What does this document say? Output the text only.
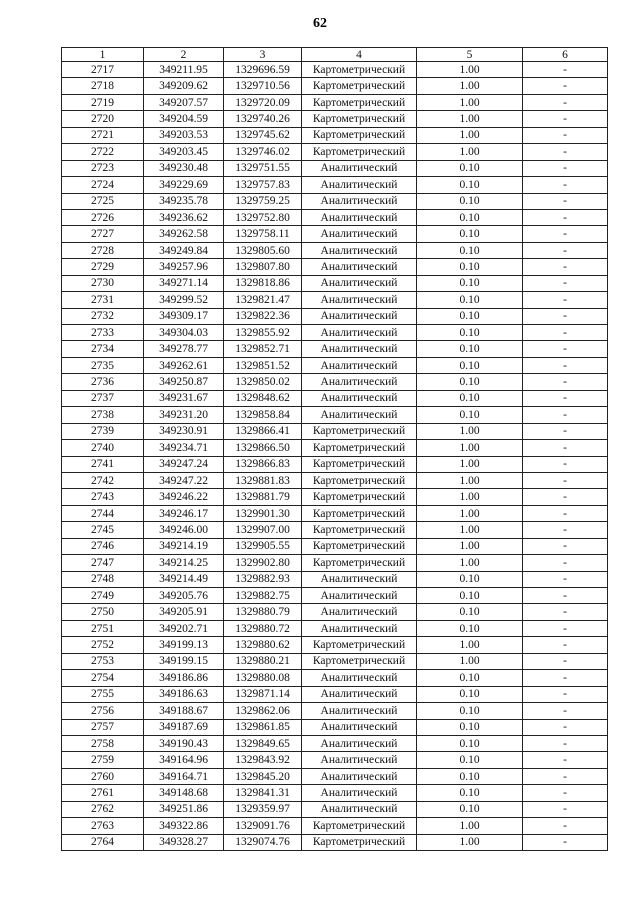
62
1	2	3	4	5	6
2717	349211.95	1329696.59	Картометрический	1.00	-
2718	349209.62	1329710.56	Картометрический	1.00	-
2719	349207.57	1329720.09	Картометрический	1.00	-
2720	349204.59	1329740.26	Картометрический	1.00	-
2721	349203.53	1329745.62	Картометрический	1.00	-
2722	349203.45	1329746.02	Картометрический	1.00	-
2723	349230.48	1329751.55	Аналитический	0.10	-
2724	349229.69	1329757.83	Аналитический	0.10	-
2725	349235.78	1329759.25	Аналитический	0.10	-
2726	349236.62	1329752.80	Аналитический	0.10	-
2727	349262.58	1329758.11	Аналитический	0.10	-
2728	349249.84	1329805.60	Аналитический	0.10	-
2729	349257.96	1329807.80	Аналитический	0.10	-
2730	349271.14	1329818.86	Аналитический	0.10	-
2731	349299.52	1329821.47	Аналитический	0.10	-
2732	349309.17	1329822.36	Аналитический	0.10	-
2733	349304.03	1329855.92	Аналитический	0.10	-
2734	349278.77	1329852.71	Аналитический	0.10	-
2735	349262.61	1329851.52	Аналитический	0.10	-
2736	349250.87	1329850.02	Аналитический	0.10	-
2737	349231.67	1329848.62	Аналитический	0.10	-
2738	349231.20	1329858.84	Аналитический	0.10	-
2739	349230.91	1329866.41	Картометрический	1.00	-
2740	349234.71	1329866.50	Картометрический	1.00	-
2741	349247.24	1329866.83	Картометрический	1.00	-
2742	349247.22	1329881.83	Картометрический	1.00	-
2743	349246.22	1329881.79	Картометрический	1.00	-
2744	349246.17	1329901.30	Картометрический	1.00	-
2745	349246.00	1329907.00	Картометрический	1.00	-
2746	349214.19	1329905.55	Картометрический	1.00	-
2747	349214.25	1329902.80	Картометрический	1.00	-
2748	349214.49	1329882.93	Аналитический	0.10	-
2749	349205.76	1329882.75	Аналитический	0.10	-
2750	349205.91	1329880.79	Аналитический	0.10	-
2751	349202.71	1329880.72	Аналитический	0.10	-
2752	349199.13	1329880.62	Картометрический	1.00	-
2753	349199.15	1329880.21	Картометрический	1.00	-
2754	349186.86	1329880.08	Аналитический	0.10	-
2755	349186.63	1329871.14	Аналитический	0.10	-
2756	349188.67	1329862.06	Аналитический	0.10	-
2757	349187.69	1329861.85	Аналитический	0.10	-
2758	349190.43	1329849.65	Аналитический	0.10	-
2759	349164.96	1329843.92	Аналитический	0.10	-
2760	349164.71	1329845.20	Аналитический	0.10	-
2761	349148.68	1329841.31	Аналитический	0.10	-
2762	349251.86	1329359.97	Аналитический	0.10	-
2763	349322.86	1329091.76	Картометрический	1.00	-
2764	349328.27	1329074.76	Картометрический	1.00	-
